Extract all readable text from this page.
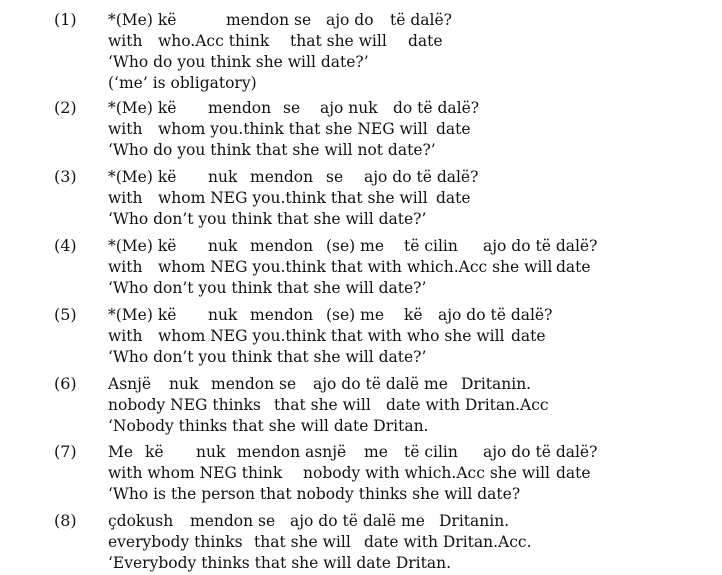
(1) *(Me) kë	mendon se ajo do të dalë?
with who.Acc think that she will date
‘Who do you think she will date?’
(‘me’ is obligatory)
(2) *(Me) kë mendon se ajo nuk do të dalë?
with whom you.think that she NEG will date
‘Who do you think that she will not date?’
(3) *(Me) kë nuk mendon se ajo do të dalë?
with whom NEG you.think that she will date
‘Who don’t you think that she will date?’
(4) *(Me) kë nuk mendon (se) me të cilin ajo do të dalë?
with whom NEG you.think that with which.Acc she will date
‘Who don’t you think that she will date?’
(5) *(Me) kë nuk mendon (se) me kë ajo do të dalë?
with whom NEG you.think that with who she will date
‘Who don’t you think that she will date?’
(6) Asnjë nuk mendon se ajo do të dalë me Dritanin.
nobody NEG thinks that she will date with Dritan.Acc
‘Nobody thinks that she will date Dritan.
(7) Me kë nuk mendon asnjë me të cilin ajo do të dalë?
with whom NEG think nobody with which.Acc she will date
‘Who is the person that nobody thinks she will date?
(8) çdokush mendon se ajo do të dalë me Dritanin.
everybody thinks that she will date with Dritan.Acc.
‘Everybody thinks that she will date Dritan.
